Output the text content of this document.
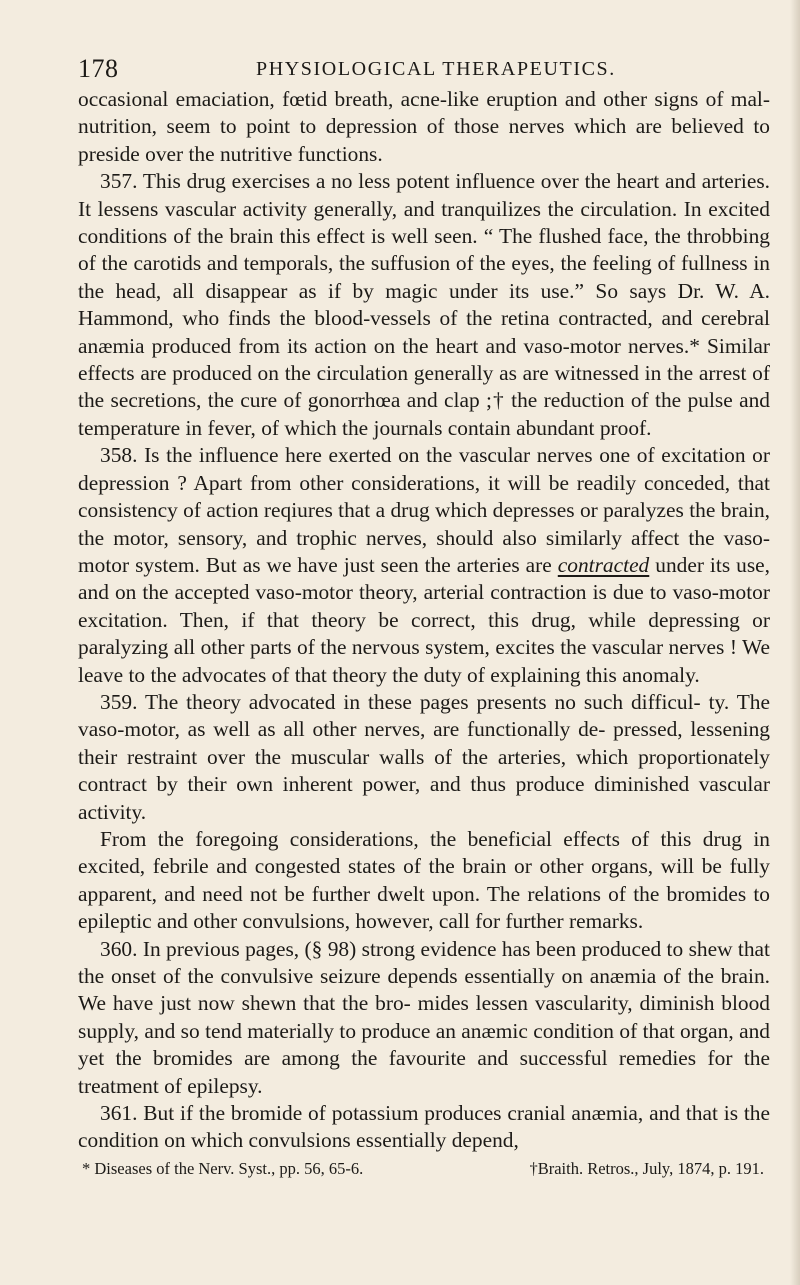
178	PHYSIOLOGICAL THERAPEUTICS.

occasional emaciation, fœtid breath, acne-like eruption and other signs of mal-nutrition, seem to point to depression of those nerves which are believed to preside over the nutritive functions.

357. This drug exercises a no less potent influence over the heart and arteries. It lessens vascular activity generally, and tranquilizes the circulation. In excited conditions of the brain this effect is well seen. “ The flushed face, the throbbing of the carotids and temporals, the suffusion of the eyes, the feeling of fullness in the head, all disappear as if by magic under its use.” So says Dr. W. A. Hammond, who finds the blood-vessels of the retina contracted, and cerebral anæmia produced from its action on the heart and vaso-motor nerves.* Similar effects are produced on the circulation generally as are witnessed in the arrest of the secretions, the cure of gonorrhœa and clap ;† the reduction of the pulse and temperature in fever, of which the journals contain abundant proof.

358. Is the influence here exerted on the vascular nerves one of excitation or depression ? Apart from other considerations, it will be readily conceded, that consistency of action reqiures that a drug which depresses or paralyzes the brain, the motor, sensory, and trophic nerves, should also similarly affect the vaso-motor system. But as we have just seen the arteries are contracted under its use, and on the accepted vaso-motor theory, arterial contraction is due to vaso-motor excitation. Then, if that theory be correct, this drug, while depressing or paralyzing all other parts of the nervous system, excites the vascular nerves ! We leave to the advocates of that theory the duty of explaining this anomaly.

359. The theory advocated in these pages presents no such difficul- ty. The vaso-motor, as well as all other nerves, are functionally de- pressed, lessening their restraint over the muscular walls of the arteries, which proportionately contract by their own inherent power, and thus produce diminished vascular activity.

From the foregoing considerations, the beneficial effects of this drug in excited, febrile and congested states of the brain or other organs, will be fully apparent, and need not be further dwelt upon. The relations of the bromides to epileptic and other convulsions, however, call for further remarks.

360. In previous pages, (§ 98) strong evidence has been produced to shew that the onset of the convulsive seizure depends essentially on anæmia of the brain. We have just now shewn that the bro- mides lessen vascularity, diminish blood supply, and so tend materially to produce an anæmic condition of that organ, and yet the bromides are among the favourite and successful remedies for the treatment of epilepsy.

361. But if the bromide of potassium produces cranial anæmia, and that is the condition on which convulsions essentially depend,

* Diseases of the Nerv. Syst., pp. 56, 65-6.	†Braith. Retros., July, 1874, p. 191.
